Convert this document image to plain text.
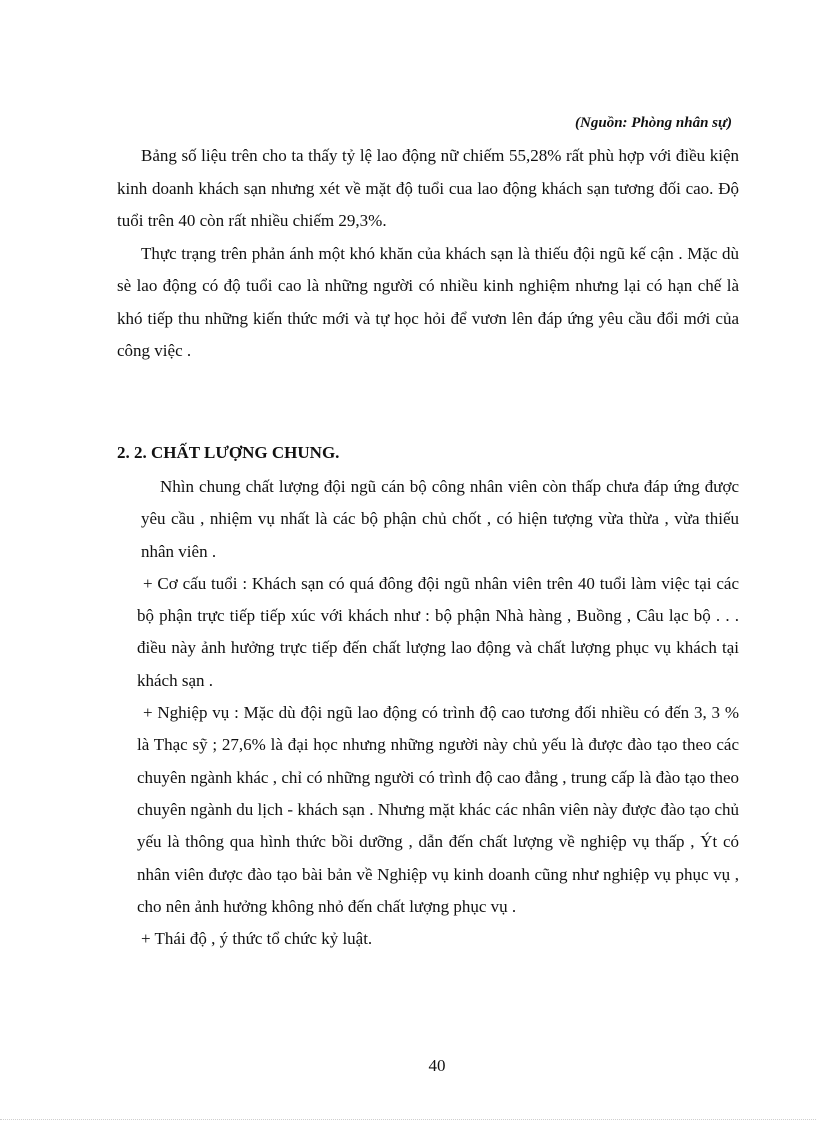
(Nguồn: Phòng nhân sự)

Bảng số liệu trên cho ta thấy tỷ lệ lao động nữ chiếm 55,28% rất phù hợp với điều kiện kinh doanh khách sạn nhưng xét về mặt độ tuổi cua lao động khách sạn tương đối cao. Độ tuổi trên 40 còn rất nhiều chiếm 29,3%.

Thực trạng trên phản ánh một khó khăn của khách sạn là thiếu đội ngũ kế cận . Mặc dù sè lao động có độ tuổi cao là những người có nhiều kinh nghiệm nhưng lại có hạn chế là khó tiếp thu những kiến thức mới và tự học hỏi để vươn lên đáp ứng yêu cầu đổi mới của công việc .

2. 2. CHẤT LƯỢNG CHUNG.

Nhìn chung chất lượng đội ngũ cán bộ công nhân viên còn thấp chưa đáp ứng được yêu cầu , nhiệm vụ nhất là các bộ phận chủ chốt , có hiện tượng vừa thừa , vừa thiếu nhân viên .

+ Cơ cấu tuổi : Khách sạn có quá đông đội ngũ nhân viên trên 40 tuổi làm việc tại các bộ phận trực tiếp tiếp xúc với khách như : bộ phận Nhà hàng , Buồng , Câu lạc bộ . . . điều này ảnh hưởng trực tiếp đến chất lượng lao động và chất lượng phục vụ khách tại khách sạn .

+ Nghiệp vụ : Mặc dù đội ngũ lao động có trình độ cao tương đối nhiều có đến 3, 3 % là Thạc sỹ ; 27,6% là đại học nhưng những người này chủ yếu là được đào tạo theo các chuyên ngành khác , chỉ có những người có trình độ cao đẳng , trung cấp là đào tạo theo chuyên ngành du lịch - khách sạn . Nhưng mặt khác các nhân viên này được đào tạo chủ yếu là thông qua hình thức bồi dưỡng , dẫn đến chất lượng về nghiệp vụ thấp , Ýt có nhân viên được đào tạo bài bản về Nghiệp vụ kinh doanh cũng như nghiệp vụ phục vụ , cho nên ảnh hưởng không nhỏ đến chất lượng phục vụ .

+ Thái độ , ý thức tổ chức kỷ luật.

40
